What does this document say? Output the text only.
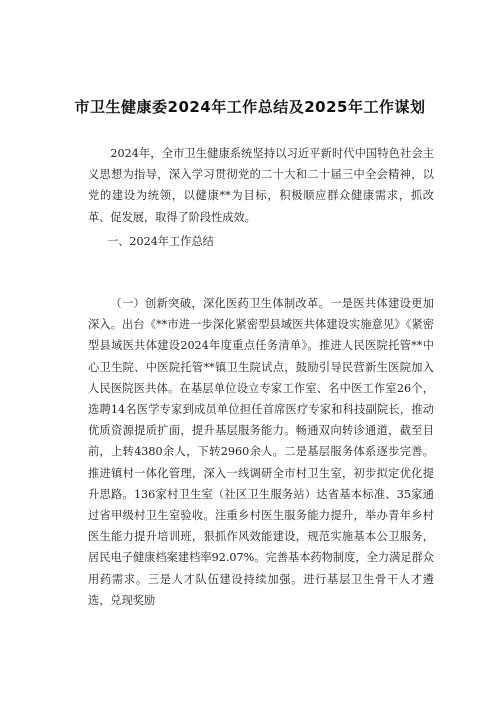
市卫生健康委2024年工作总结及2025年工作谋划

2024年，全市卫生健康系统坚持以习近平新时代中国特色社会主义思想为指导，深入学习贯彻党的二十大和二十届三中全会精神，以党的建设为统领，以健康**为目标，积极顺应群众健康需求，抓改革、促发展，取得了阶段性成效。

一、2024年工作总结

（一）创新突破，深化医药卫生体制改革。一是医共体建设更加深入。出台《**市进一步深化紧密型县域医共体建设实施意见》《紧密型县域医共体建设2024年度重点任务清单》。推进人民医院托管**中心卫生院、中医院托管**镇卫生院试点，鼓励引导民营新生医院加入人民医院医共体。在基层单位设立专家工作室、名中医工作室26个，选聘14名医学专家到成员单位担任首席医疗专家和科技副院长，推动优质资源提质扩面，提升基层服务能力。畅通双向转诊通道，截至目前，上转4380余人，下转2960余人。二是基层服务体系逐步完善。推进镇村一体化管理，深入一线调研全市村卫生室，初步拟定优化提升思路。136家村卫生室（社区卫生服务站）达省基本标准、35家通过省甲级村卫生室验收。注重乡村医生服务能力提升，举办青年乡村医生能力提升培训班，狠抓作风效能建设，规范实施基本公卫服务，居民电子健康档案建档率92.07%。完善基本药物制度，全力满足群众用药需求。三是人才队伍建设持续加强。进行基层卫生骨干人才遴选，兑现奖励
